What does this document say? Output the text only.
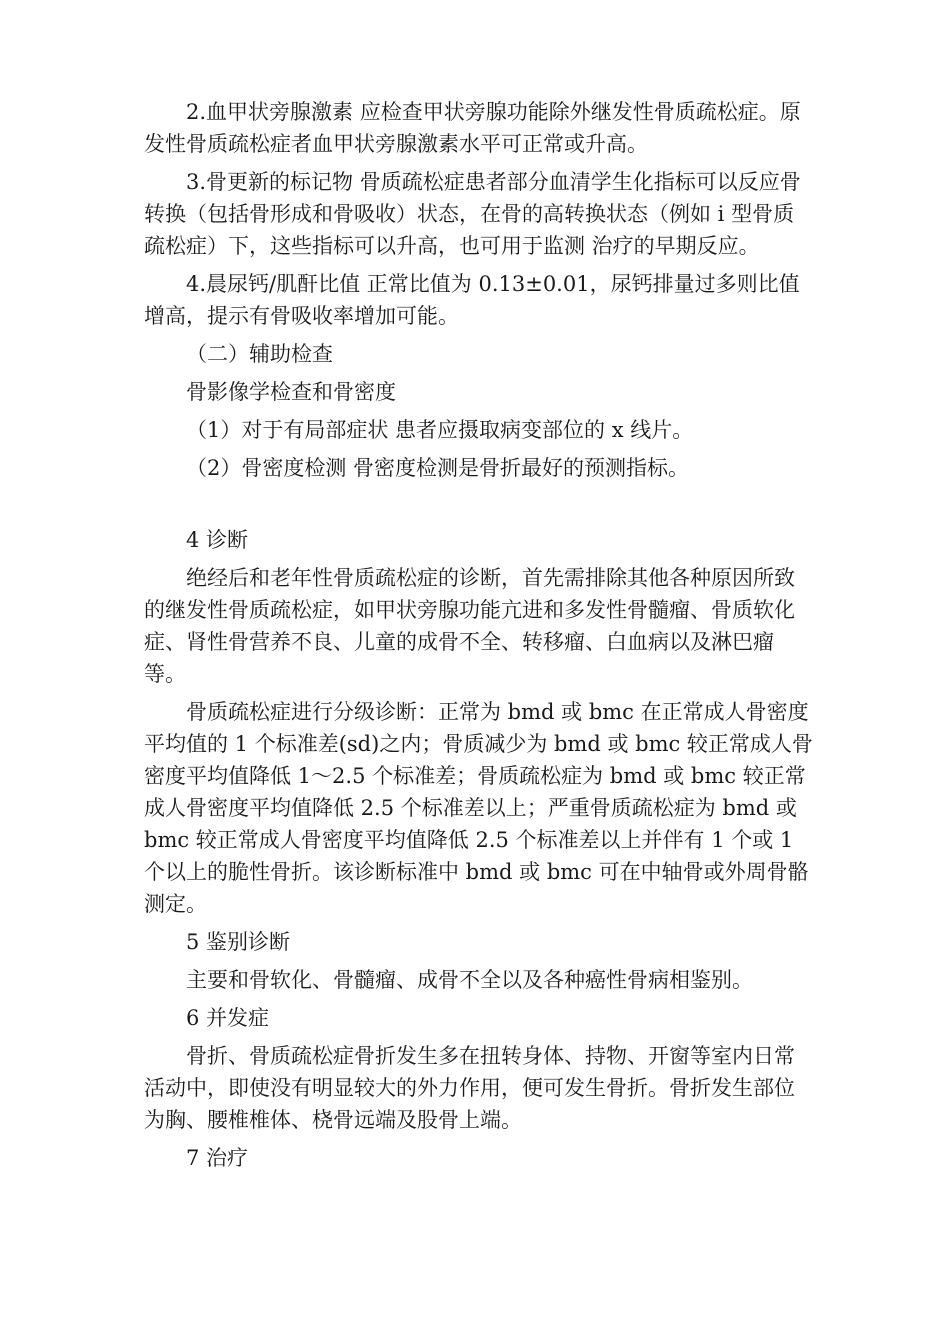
2.血甲状旁腺激素 应检查甲状旁腺功能除外继发性骨质疏松症。原发性骨质疏松症者血甲状旁腺激素水平可正常或升高。

3.骨更新的标记物 骨质疏松症患者部分血清学生化指标可以反应骨转换（包括骨形成和骨吸收）状态，在骨的高转换状态（例如 i 型骨质疏松症）下，这些指标可以升高，也可用于监测 治疗的早期反应。

4.晨尿钙/肌酐比值 正常比值为 0.13±0.01，尿钙排量过多则比值增高，提示有骨吸收率增加可能。

（二）辅助检查

骨影像学检查和骨密度

（1）对于有局部症状 患者应摄取病变部位的 x 线片。

（2）骨密度检测 骨密度检测是骨折最好的预测指标。

4 诊断

绝经后和老年性骨质疏松症的诊断，首先需排除其他各种原因所致的继发性骨质疏松症，如甲状旁腺功能亢进和多发性骨髓瘤、骨质软化症、肾性骨营养不良、儿童的成骨不全、转移瘤、白血病以及淋巴瘤等。

骨质疏松症进行分级诊断：正常为 bmd 或 bmc 在正常成人骨密度平均值的 1 个标准差(sd)之内；骨质减少为 bmd 或 bmc 较正常成人骨密度平均值降低 1～2.5 个标准差；骨质疏松症为 bmd 或 bmc 较正常成人骨密度平均值降低 2.5 个标准差以上；严重骨质疏松症为 bmd 或 bmc 较正常成人骨密度平均值降低 2.5 个标准差以上并伴有 1 个或 1 个以上的脆性骨折。该诊断标准中 bmd 或 bmc 可在中轴骨或外周骨骼测定。

5 鉴别诊断

主要和骨软化、骨髓瘤、成骨不全以及各种癌性骨病相鉴别。

6 并发症

骨折、骨质疏松症骨折发生多在扭转身体、持物、开窗等室内日常活动中，即使没有明显较大的外力作用，便可发生骨折。骨折发生部位为胸、腰椎椎体、桡骨远端及股骨上端。

7 治疗
